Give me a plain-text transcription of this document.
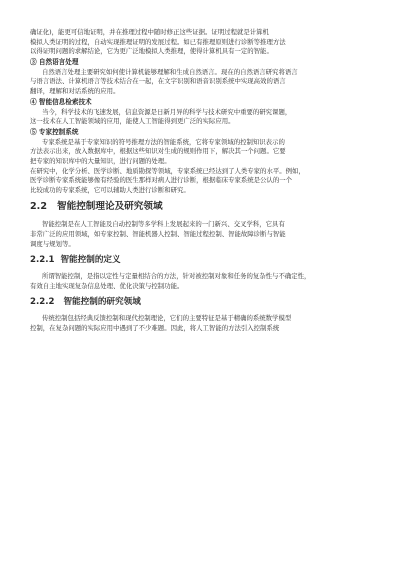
确证化)，能更可信地证明，并在推理过程中随时修正这些证据。证明过程就是计算机
模拟人类证明的过程，自动实现推理证明的发展过程。如已有推理原则进行诊断等推理方法
以得证明问题的求解结论，它为更广泛地模拟人类推理，使得计算机具有一定的智能。
③ 自然语言处理
自然语言处理主要研究如何使计算机能够理解和生成自然语言。现在的自然语言研究将语言
与语言语法、计算机语言等技术结合在一起，在文字识别和语音识别系统中实现高效的语言
翻译，理解和对话系统的应用。
④ 智能信息检索技术
当今，科学技术的飞速发展，信息资源是日新月异的科学与技术研究中重要的研究课题，
这一技术在人工智能领域的应用，能使人工智能得到更广泛的实际应用。
⑤ 专家控制系统
专家系统是基于专家知识的符号推理方法的智能系统，它将专家领域的控制知识表示的
方法表示出来，放入数据库中，根据这些知识对生成的规则作用下，解决其一个问题。它要
把专家的知识库中的大量知识，进行问题的处理。
在研究中，化学分析、医学诊断、地质勘探等领域，专家系统已经达到了人类专家的水平。例如，
医学诊断专家系统能够像有经验的医生那样对病人进行诊断，根据临床专家系统是公认的一个
比较成功的专家系统，它可以辅助人类进行诊断和研究。
2.2 智能控制理论及研究领域
智能控制是在人工智能及自动控制等多学科上发展起来的一门新兴、交叉学科，它具有
非常广泛的应用领域，如专家控制、智能机器人控制、智能过程控制、智能故障诊断与智能
调度与规划等。
2.2.1 智能控制的定义
所谓智能控制，是指以定性与定量相结合的方法，针对被控制对象和任务的复杂性与不确定性，
有效自主地实现复杂信息处理、优化决策与控制功能。
2.2.2 智能控制的研究领域
传统控制包括经典反馈控制和现代控制理论，它们的主要特征是基于精确的系统数学模型
控制，在复杂问题的实际应用中遇到了不少难题。因此，将人工智能的方法引入控制系统
